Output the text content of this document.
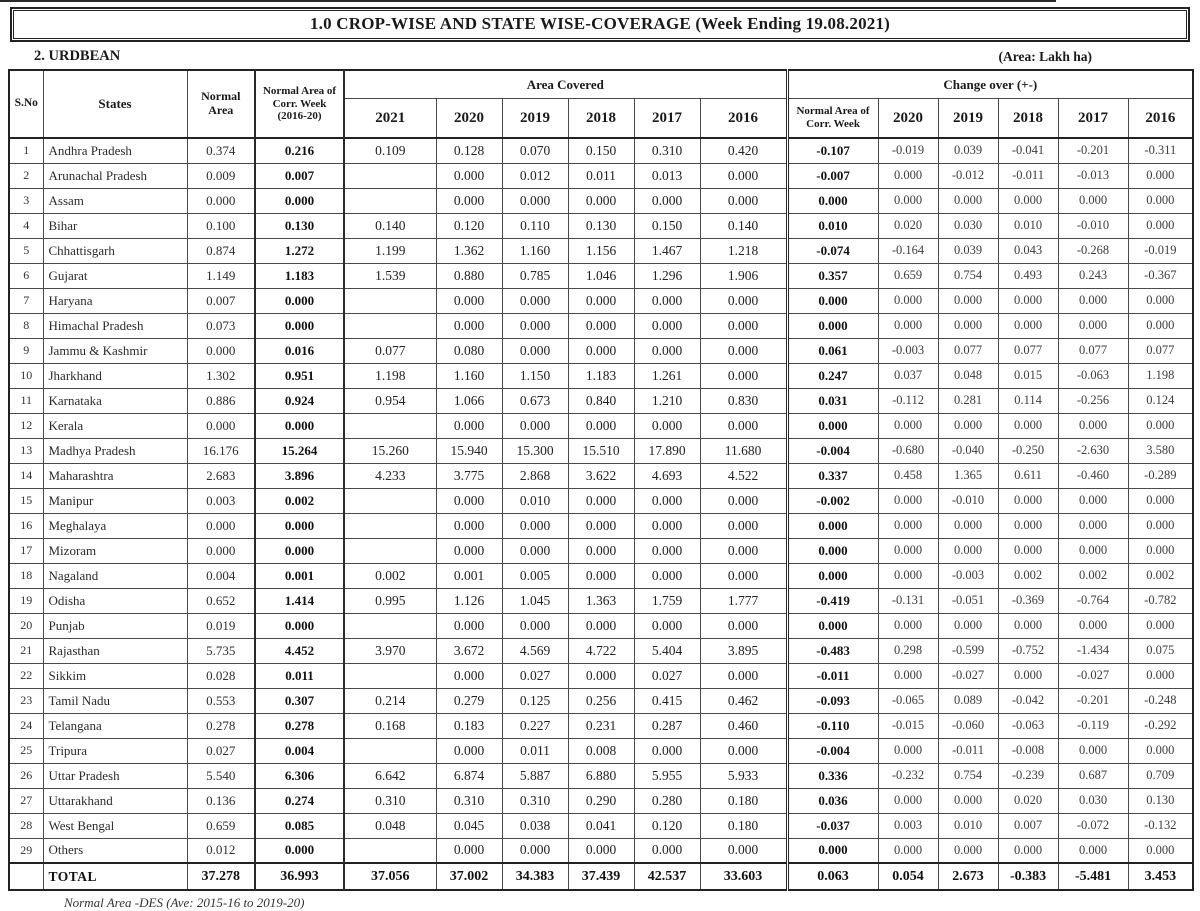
1.0 CROP-WISE AND STATE WISE-COVERAGE (Week Ending 19.08.2021)
2. URDBEAN	(Area: Lakh ha)
S.No	States	Normal Area	Normal Area of Corr. Week (2016-20)	Area Covered						Change over (+-)					
				2021	2020	2019	2018	2017	2016	Normal Area of Corr. Week	2020	2019	2018	2017	2016
1	Andhra Pradesh	0.374	0.216	0.109	0.128	0.070	0.150	0.310	0.420	-0.107	-0.019	0.039	-0.041	-0.201	-0.311
2	Arunachal Pradesh	0.009	0.007		0.000	0.012	0.011	0.013	0.000	-0.007	0.000	-0.012	-0.011	-0.013	0.000
3	Assam	0.000	0.000		0.000	0.000	0.000	0.000	0.000	0.000	0.000	0.000	0.000	0.000	0.000
4	Bihar	0.100	0.130	0.140	0.120	0.110	0.130	0.150	0.140	0.010	0.020	0.030	0.010	-0.010	0.000
5	Chhattisgarh	0.874	1.272	1.199	1.362	1.160	1.156	1.467	1.218	-0.074	-0.164	0.039	0.043	-0.268	-0.019
6	Gujarat	1.149	1.183	1.539	0.880	0.785	1.046	1.296	1.906	0.357	0.659	0.754	0.493	0.243	-0.367
7	Haryana	0.007	0.000		0.000	0.000	0.000	0.000	0.000	0.000	0.000	0.000	0.000	0.000	0.000
8	Himachal Pradesh	0.073	0.000		0.000	0.000	0.000	0.000	0.000	0.000	0.000	0.000	0.000	0.000	0.000
9	Jammu & Kashmir	0.000	0.016	0.077	0.080	0.000	0.000	0.000	0.000	0.061	-0.003	0.077	0.077	0.077	0.077
10	Jharkhand	1.302	0.951	1.198	1.160	1.150	1.183	1.261	0.000	0.247	0.037	0.048	0.015	-0.063	1.198
11	Karnataka	0.886	0.924	0.954	1.066	0.673	0.840	1.210	0.830	0.031	-0.112	0.281	0.114	-0.256	0.124
12	Kerala	0.000	0.000		0.000	0.000	0.000	0.000	0.000	0.000	0.000	0.000	0.000	0.000	0.000
13	Madhya Pradesh	16.176	15.264	15.260	15.940	15.300	15.510	17.890	11.680	-0.004	-0.680	-0.040	-0.250	-2.630	3.580
14	Maharashtra	2.683	3.896	4.233	3.775	2.868	3.622	4.693	4.522	0.337	0.458	1.365	0.611	-0.460	-0.289
15	Manipur	0.003	0.002		0.000	0.010	0.000	0.000	0.000	-0.002	0.000	-0.010	0.000	0.000	0.000
16	Meghalaya	0.000	0.000		0.000	0.000	0.000	0.000	0.000	0.000	0.000	0.000	0.000	0.000	0.000
17	Mizoram	0.000	0.000		0.000	0.000	0.000	0.000	0.000	0.000	0.000	0.000	0.000	0.000	0.000
18	Nagaland	0.004	0.001	0.002	0.001	0.005	0.000	0.000	0.000	0.000	0.000	-0.003	0.002	0.002	0.002
19	Odisha	0.652	1.414	0.995	1.126	1.045	1.363	1.759	1.777	-0.419	-0.131	-0.051	-0.369	-0.764	-0.782
20	Punjab	0.019	0.000		0.000	0.000	0.000	0.000	0.000	0.000	0.000	0.000	0.000	0.000	0.000
21	Rajasthan	5.735	4.452	3.970	3.672	4.569	4.722	5.404	3.895	-0.483	0.298	-0.599	-0.752	-1.434	0.075
22	Sikkim	0.028	0.011		0.000	0.027	0.000	0.027	0.000	-0.011	0.000	-0.027	0.000	-0.027	0.000
23	Tamil Nadu	0.553	0.307	0.214	0.279	0.125	0.256	0.415	0.462	-0.093	-0.065	0.089	-0.042	-0.201	-0.248
24	Telangana	0.278	0.278	0.168	0.183	0.227	0.231	0.287	0.460	-0.110	-0.015	-0.060	-0.063	-0.119	-0.292
25	Tripura	0.027	0.004		0.000	0.011	0.008	0.000	0.000	-0.004	0.000	-0.011	-0.008	0.000	0.000
26	Uttar Pradesh	5.540	6.306	6.642	6.874	5.887	6.880	5.955	5.933	0.336	-0.232	0.754	-0.239	0.687	0.709
27	Uttarakhand	0.136	0.274	0.310	0.310	0.310	0.290	0.280	0.180	0.036	0.000	0.000	0.020	0.030	0.130
28	West Bengal	0.659	0.085	0.048	0.045	0.038	0.041	0.120	0.180	-0.037	0.003	0.010	0.007	-0.072	-0.132
29	Others	0.012	0.000		0.000	0.000	0.000	0.000	0.000	0.000	0.000	0.000	0.000	0.000	0.000
	TOTAL	37.278	36.993	37.056	37.002	34.383	37.439	42.537	33.603	0.063	0.054	2.673	-0.383	-5.481	3.453
Normal Area -DES (Ave: 2015-16 to 2019-20)
